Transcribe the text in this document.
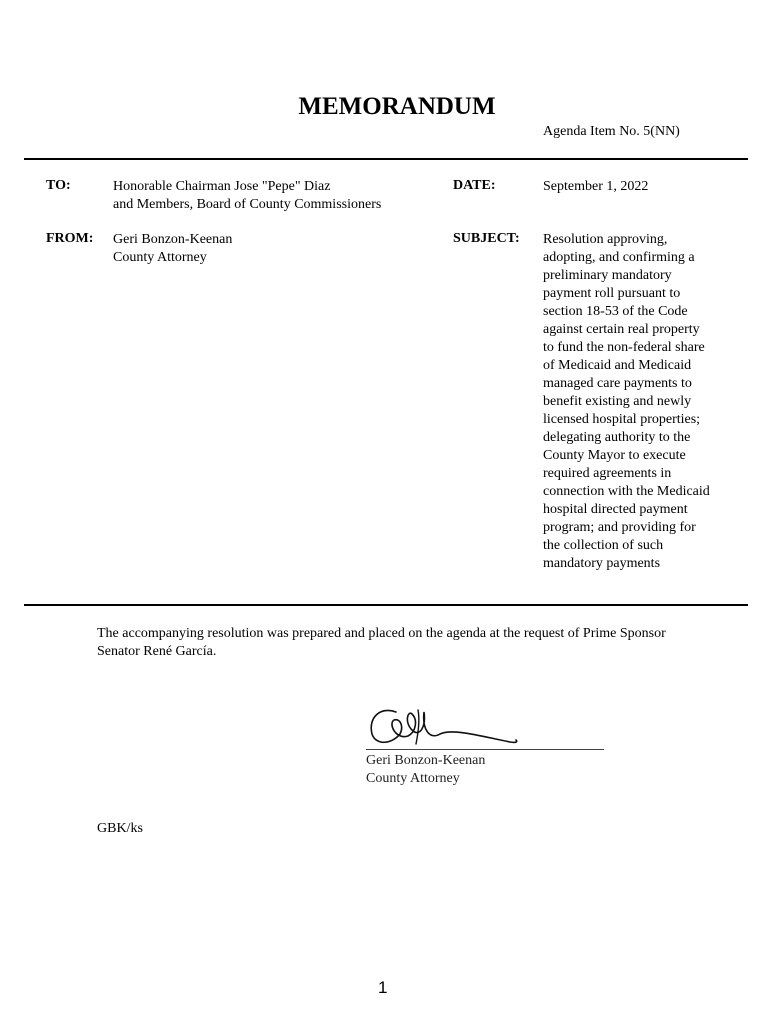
MEMORANDUM
Agenda Item No. 5(NN)
TO:	Honorable Chairman Jose "Pepe" Diaz
and Members, Board of County Commissioners
DATE:	September 1, 2022
FROM: Geri Bonzon-Keenan
County Attorney
SUBJECT: Resolution approving,
adopting, and confirming a
preliminary mandatory
payment roll pursuant to
section 18-53 of the Code
against certain real property
to fund the non-federal share
of Medicaid and Medicaid
managed care payments to
benefit existing and newly
licensed hospital properties;
delegating authority to the
County Mayor to execute
required agreements in
connection with the Medicaid
hospital directed payment
program; and providing for
the collection of such
mandatory payments
The accompanying resolution was prepared and placed on the agenda at the request of Prime Sponsor
Senator René García.
Geri Bonzon-Keenan
County Attorney
GBK/ks
1
